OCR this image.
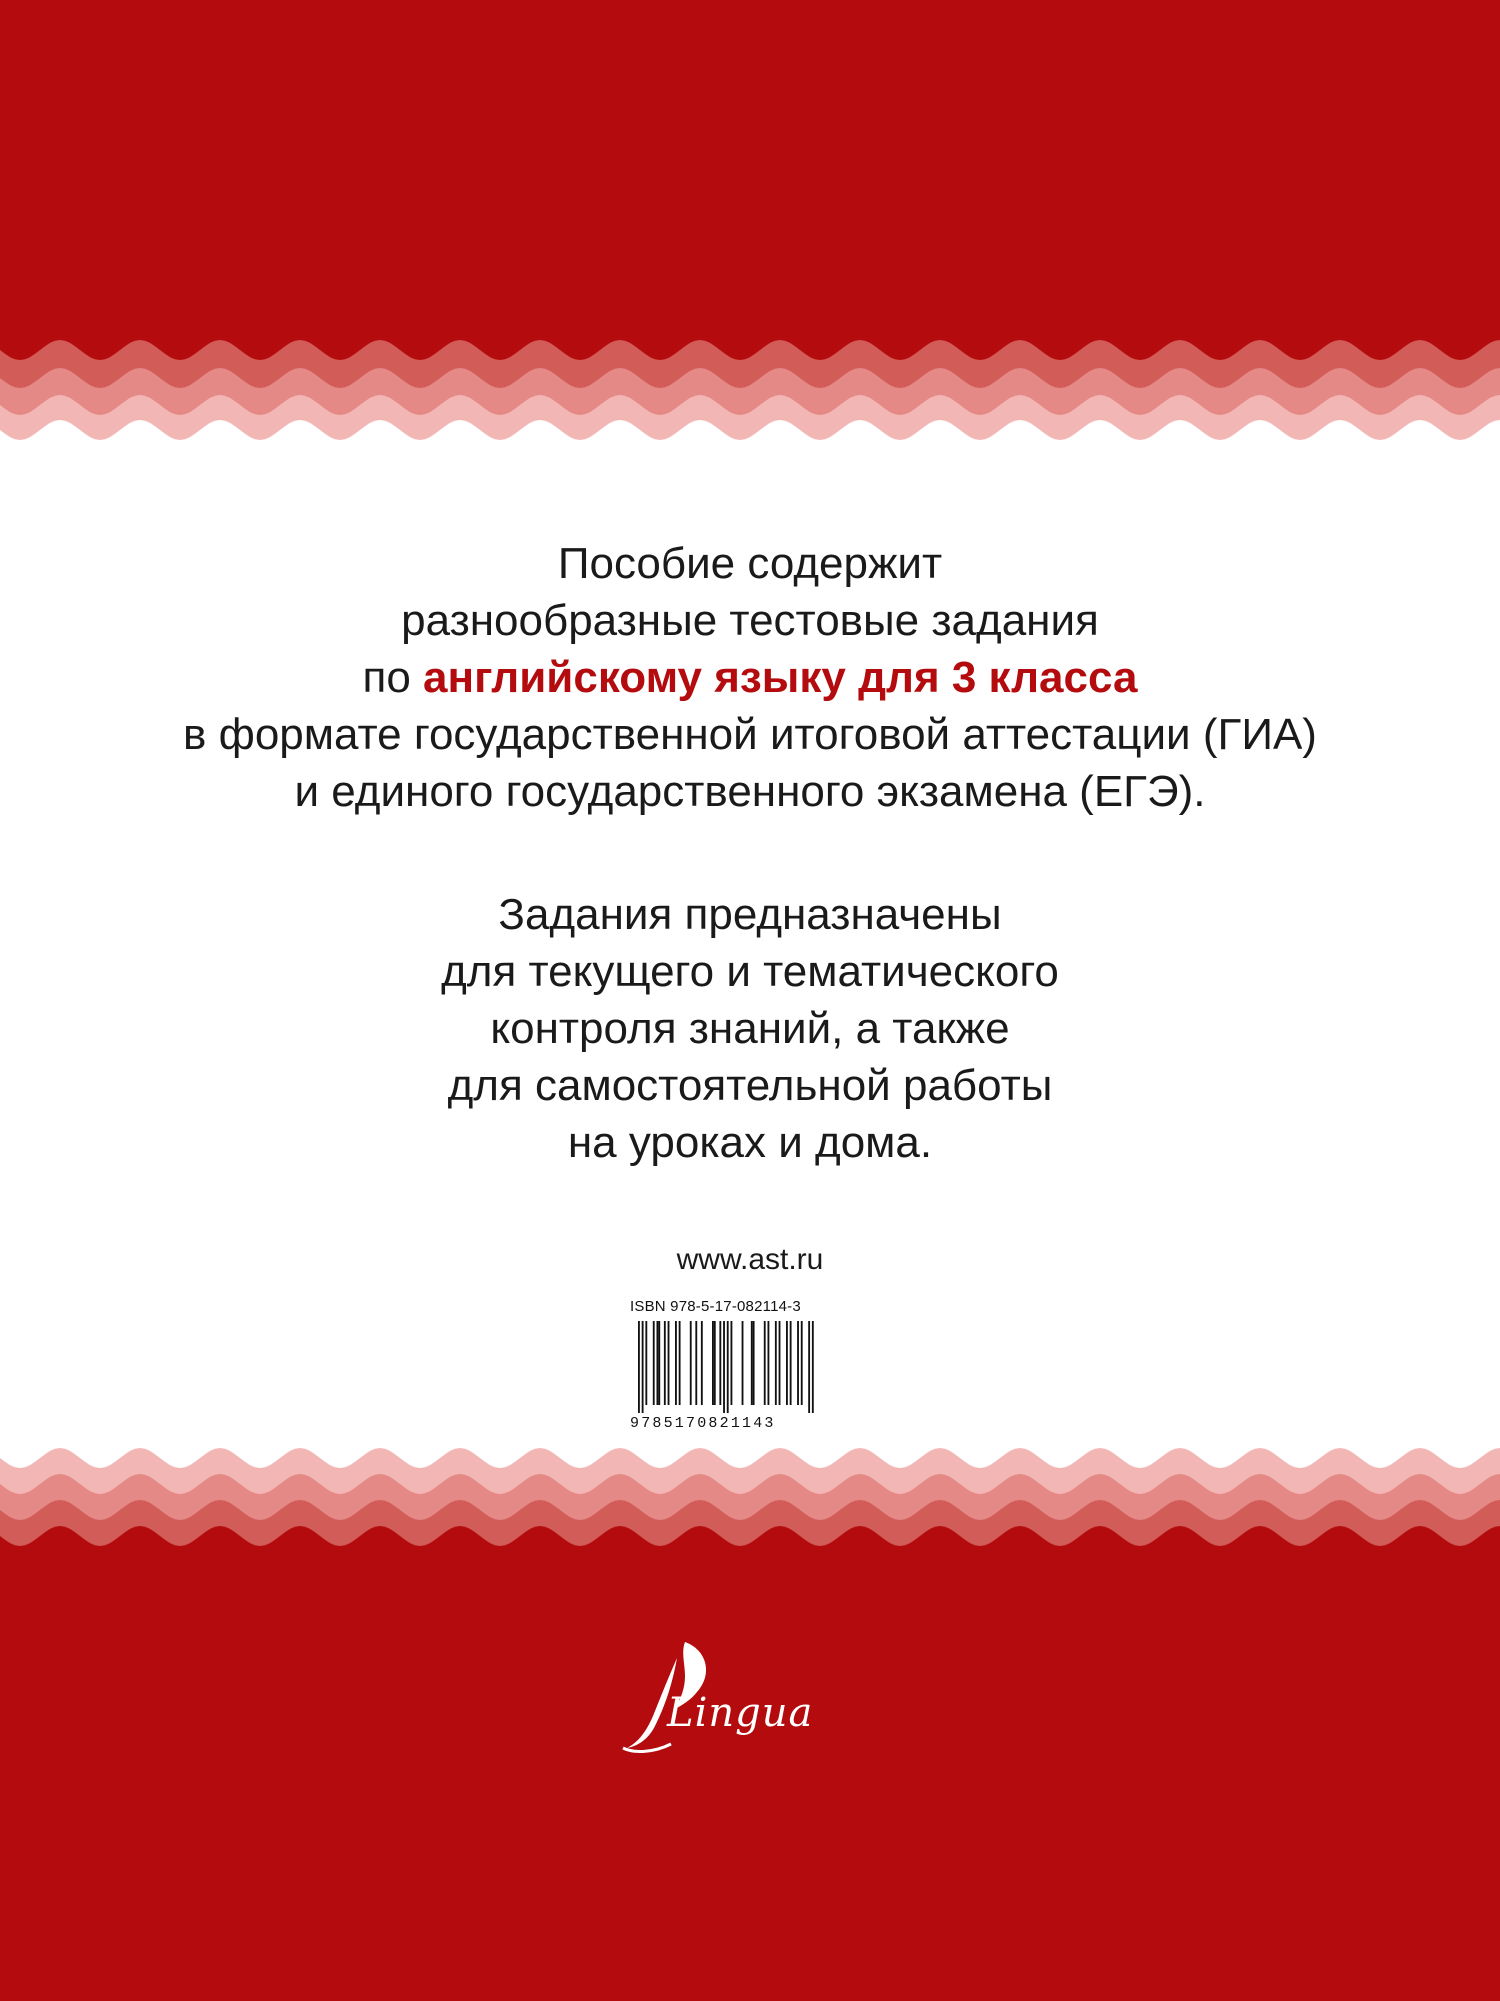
Пособие содержит
разнообразные тестовые задания
по английскому языку для 3 класса
в формате государственной итоговой аттестации (ГИА)
и единого государственного экзамена (ЕГЭ).
Задания предназначены
для текущего и тематического
контроля знаний, а также
для самостоятельной работы
на уроках и дома.
www.ast.ru
ISBN 978-5-17-082114-3
9785170821143
Lingua
